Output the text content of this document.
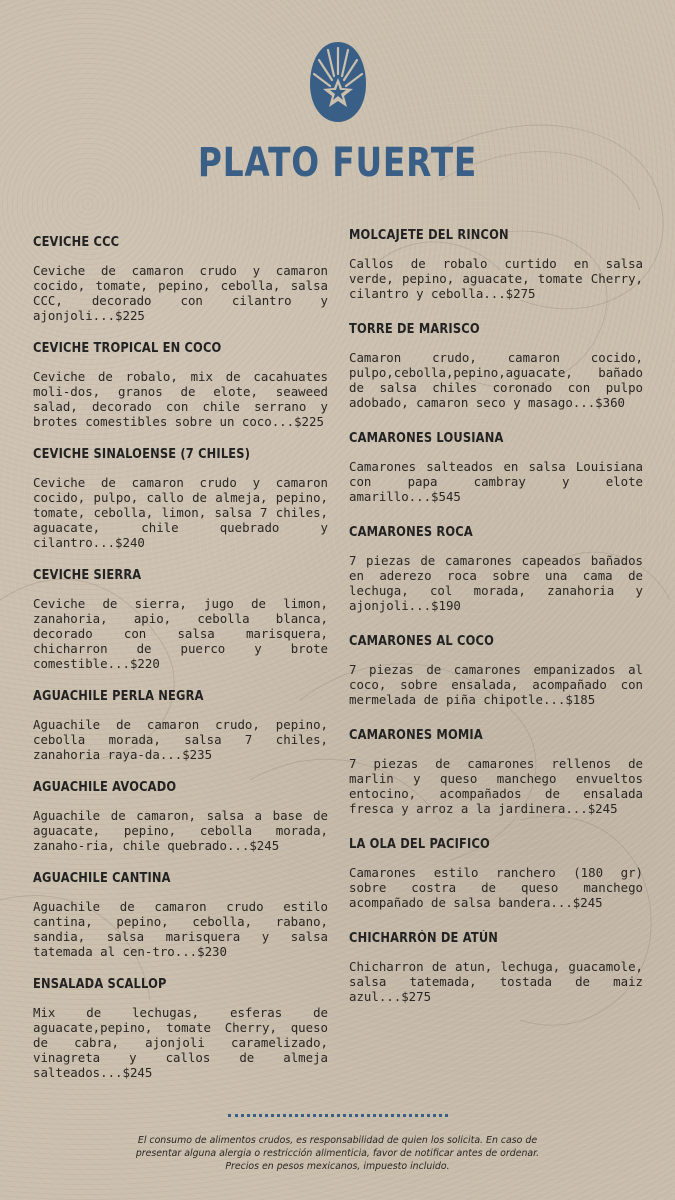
PLATO FUERTE
CEVICHE CCC

Ceviche de camaron crudo y camaron cocido, tomate, pepino, cebolla, salsa CCC, decorado con cilantro y ajonjoli...$225

CEVICHE TROPICAL EN COCO

Ceviche de robalo, mix de cacahuates moli-dos, granos de elote, seaweed salad, decorado con chile serrano y brotes comestibles sobre un coco...$225

CEVICHE SINALOENSE (7 CHILES)

Ceviche de camaron crudo y camaron cocido, pulpo, callo de almeja, pepino, tomate, cebolla, limon, salsa 7 chiles, aguacate, chile quebrado y cilantro...$240

CEVICHE SIERRA

Ceviche de sierra, jugo de limon, zanahoria, apio, cebolla blanca, decorado con salsa marisquera, chicharron de puerco y brote comestible...$220

AGUACHILE PERLA NEGRA

Aguachile de camaron crudo, pepino, cebolla morada, salsa 7 chiles, zanahoria raya-da...$235

AGUACHILE AVOCADO

Aguachile de camaron, salsa a base de aguacate, pepino, cebolla morada, zanaho-ria, chile quebrado...$245

AGUACHILE CANTINA

Aguachile de camaron crudo estilo cantina, pepino, cebolla, rabano, sandia, salsa marisquera y salsa tatemada al cen-tro...$230

ENSALADA SCALLOP

Mix de lechugas, esferas de aguacate,pepino, tomate Cherry, queso de cabra, ajonjoli caramelizado, vinagreta y callos de almeja salteados...$245

MOLCAJETE DEL RINCON

Callos de robalo curtido en salsa verde, pepino, aguacate, tomate Cherry, cilantro y cebolla...$275

TORRE DE MARISCO

Camaron crudo, camaron cocido, pulpo,cebolla,pepino,aguacate, bañado de salsa chiles coronado con pulpo adobado, camaron seco y masago...$360

CAMARONES LOUSIANA

Camarones salteados en salsa Louisiana con papa cambray y elote amarillo...$545

CAMARONES ROCA

7 piezas de camarones capeados bañados en aderezo roca sobre una cama de lechuga, col morada, zanahoria y ajonjoli...$190

CAMARONES AL COCO

7 piezas de camarones empanizados al coco, sobre ensalada, acompañado con mermelada de piña chipotle...$185

CAMARONES MOMIA

7 piezas de camarones rellenos de marlin y queso manchego envueltos entocino, acompañados de ensalada fresca y arroz a la jardinera...$245

LA OLA DEL PACIFICO

Camarones estilo ranchero (180 gr) sobre costra de queso manchego acompañado de salsa bandera...$245

CHICHARRÓN DE ATÚN

Chicharron de atun, lechuga, guacamole, salsa tatemada, tostada de maiz azul...$275

El consumo de alimentos crudos, es responsabilidad de quien los solicita. En caso de
presentar alguna alergia o restricción alimenticia, favor de notificar antes de ordenar.
Precios en pesos mexicanos, impuesto incluido.
